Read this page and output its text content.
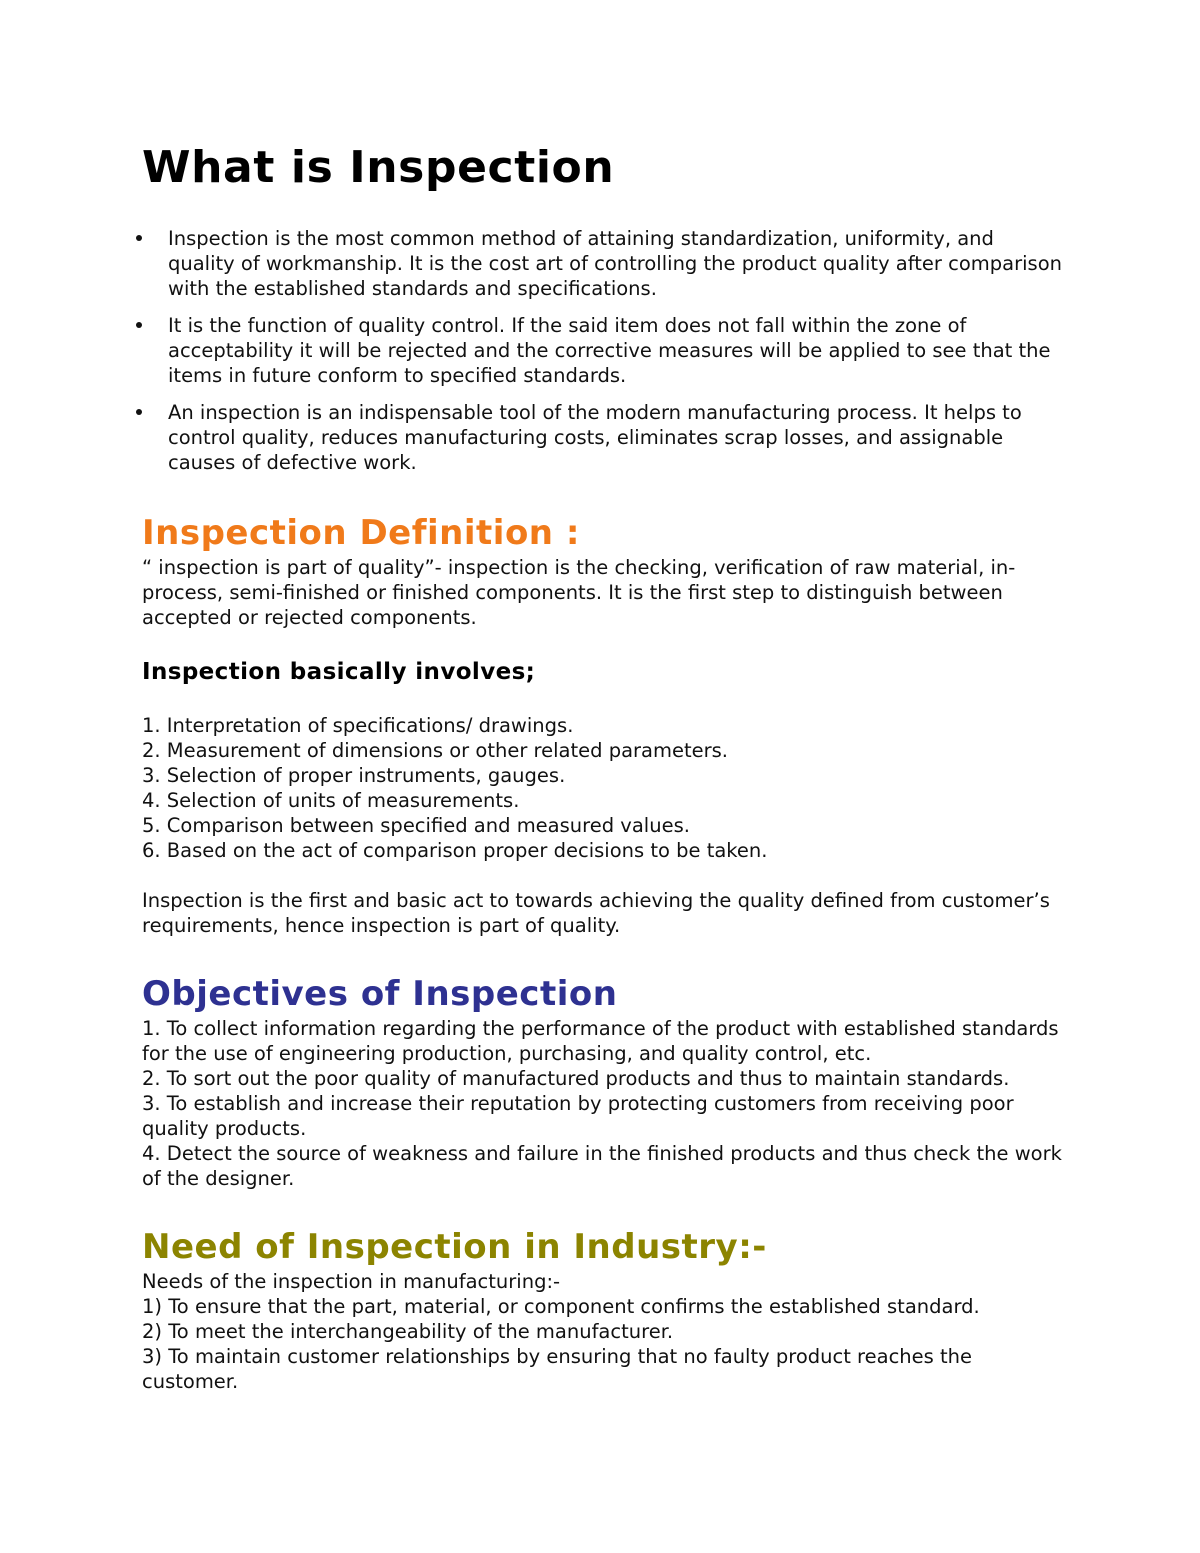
What is Inspection
Inspection is the most common method of attaining standardization, uniformity, and quality of workmanship. It is the cost art of controlling the product quality after comparison with the established standards and specifications.
It is the function of quality control. If the said item does not fall within the zone of acceptability it will be rejected and the corrective measures will be applied to see that the items in future conform to specified standards.
An inspection is an indispensable tool of the modern manufacturing process. It helps to control quality, reduces manufacturing costs, eliminates scrap losses, and assignable causes of defective work.
Inspection Definition :

“ inspection is part of quality”- inspection is the checking, verification of raw material, in-process, semi-finished or finished components. It is the first step to distinguish between accepted or rejected components.

Inspection basically involves;
1. Interpretation of specifications/ drawings.
2. Measurement of dimensions or other related parameters.
3. Selection of proper instruments, gauges.
4. Selection of units of measurements.
5. Comparison between specified and measured values.
6. Based on the act of comparison proper decisions to be taken.

Inspection is the first and basic act to towards achieving the quality defined from customer’s requirements, hence inspection is part of quality.

Objectives of Inspection
1. To collect information regarding the performance of the product with established standards for the use of engineering production, purchasing, and quality control, etc.
2. To sort out the poor quality of manufactured products and thus to maintain standards.
3. To establish and increase their reputation by protecting customers from receiving poor quality products.
4. Detect the source of weakness and failure in the finished products and thus check the work of the designer.
Need of Inspection in Industry:-

Needs of the inspection in manufacturing:-

1) To ensure that the part, material, or component confirms the established standard.
2) To meet the interchangeability of the manufacturer.
3) To maintain customer relationships by ensuring that no faulty product reaches the customer.
